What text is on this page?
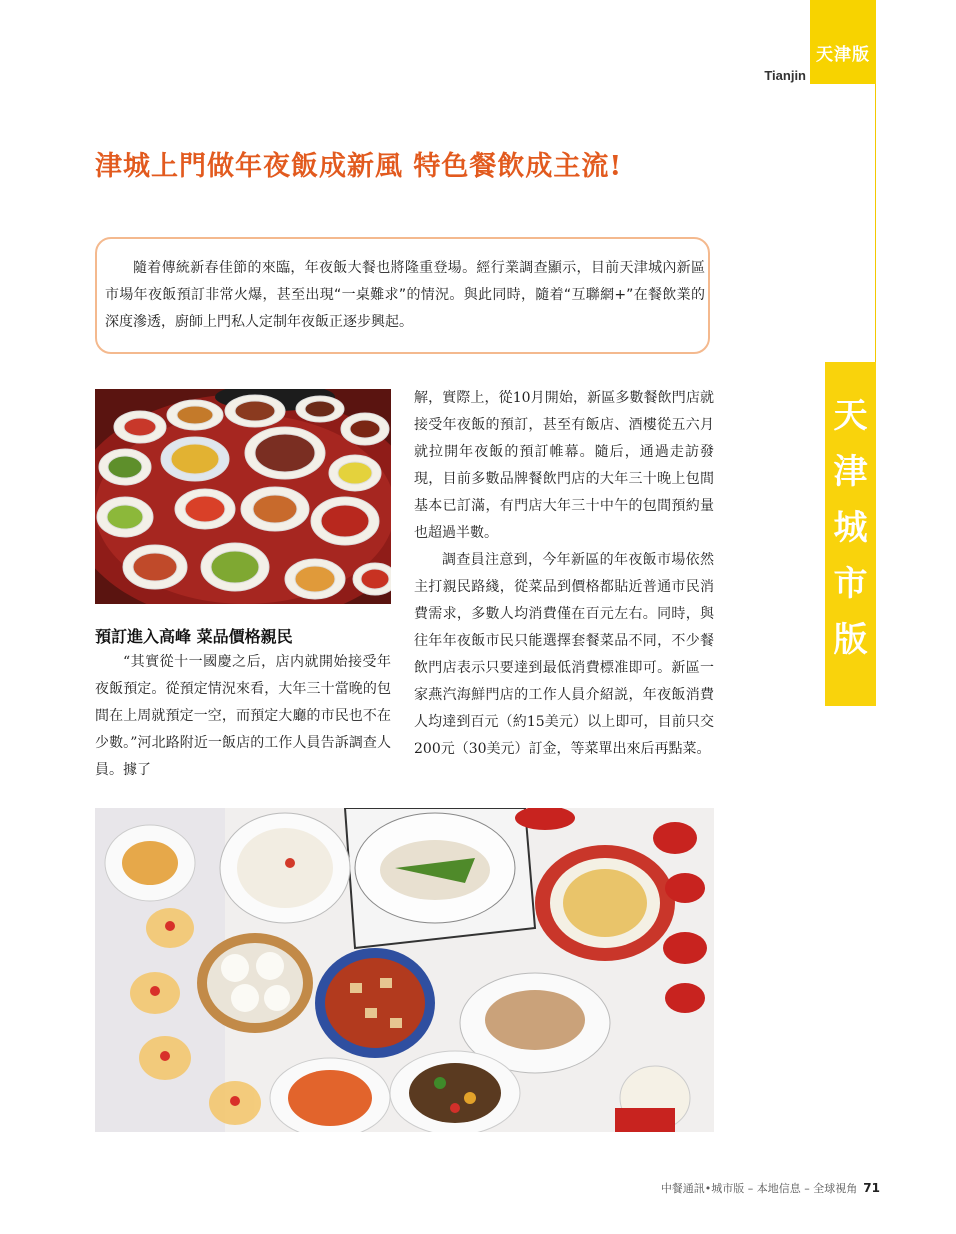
天津版
Tianjin
天
津
城
市
版
津城上門做年夜飯成新風 特色餐飲成主流!
隨着傳統新春佳節的來臨，年夜飯大餐也將隆重登場。經行業調查顯示，目前天津城內新區市場年夜飯預訂非常火爆，甚至出現“一桌難求”的情況。與此同時，隨着“互聯網+”在餐飲業的深度滲透，廚師上門私人定制年夜飯正逐步興起。
預訂進入高峰 菜品價格親民
“其實從十一國慶之后，店内就開始接受年夜飯預定。從預定情況來看，大年三十當晚的包間在上周就預定一空，而預定大廳的市民也不在少數。”河北路附近一飯店的工作人員告訴調查人員。據了

解，實際上，從10月開始，新區多數餐飲門店就接受年夜飯的預訂，甚至有飯店、酒樓從五六月就拉開年夜飯的預訂帷幕。隨后，通過走訪發現，目前多數品牌餐飲門店的大年三十晚上包間基本已訂滿，有門店大年三十中午的包間預約量也超過半數。

調查員注意到，今年新區的年夜飯市場依然主打親民路綫，從菜品到價格都貼近普通市民消費需求，多數人均消費僅在百元左右。同時，與往年年夜飯市民只能選擇套餐菜品不同，不少餐飲門店表示只要達到最低消費標准即可。新區一家燕汽海鮮門店的工作人員介紹説，年夜飯消費人均達到百元（約15美元）以上即可，目前只交200元（30美元）訂金，等菜單出來后再點菜。

中餐通訊•城市版 – 本地信息 – 全球視角 71
